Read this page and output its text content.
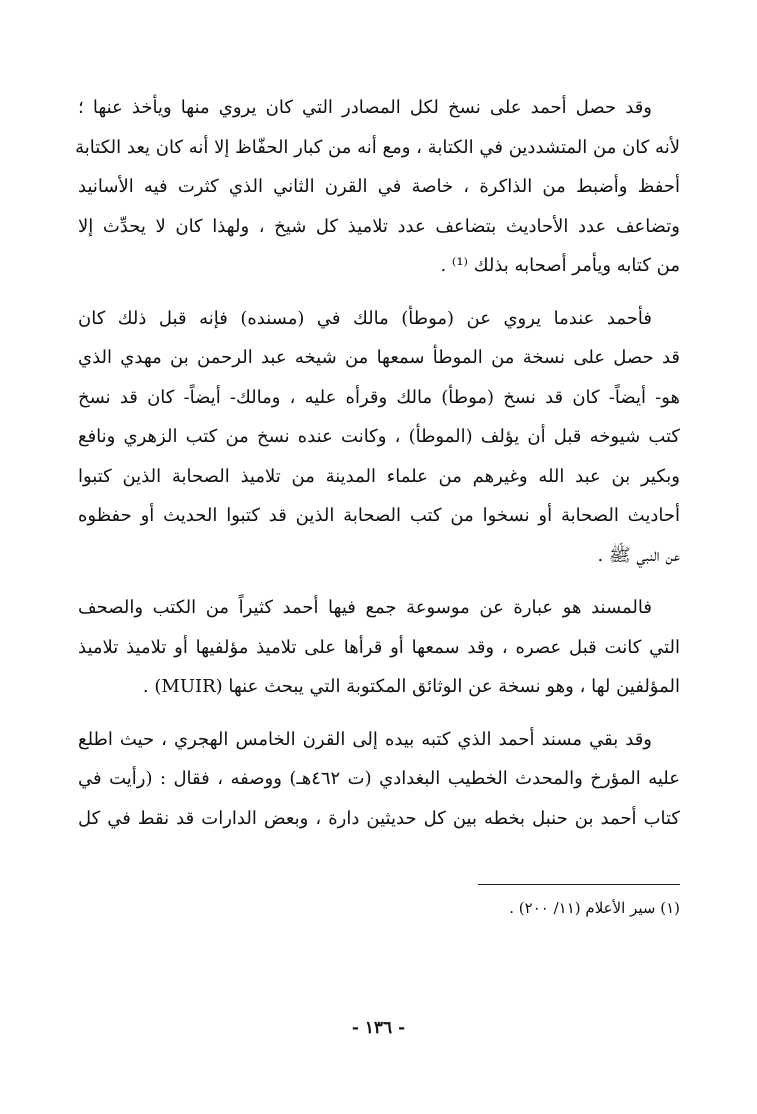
وقد حصل أحمد على نسخ لكل المصادر التي كان يروي منها ويأخذ عنها ؛
لأنه كان من المتشددين في الكتابة ، ومع أنه من كبار الحفّاظ إلا أنه كان يعد الكتابة
أحفظ وأضبط من الذاكرة ، خاصة في القرن الثاني الذي كثرت فيه الأسانيد
وتضاعف عدد الأحاديث بتضاعف عدد تلاميذ كل شيخ ، ولهذا كان لا يحدِّث إلا
من كتابه ويأمر أصحابه بذلك ⁽¹⁾ .

فأحمد عندما يروي عن (موطأ) مالك في (مسنده) فإنه قبل ذلك كان
قد حصل على نسخة من الموطأ سمعها من شيخه عبد الرحمن بن مهدي الذي
هو- أيضاً- كان قد نسخ (موطأ) مالك وقرأه عليه ، ومالك- أيضاً- كان قد نسخ
كتب شيوخه قبل أن يؤلف (الموطأ) ، وكانت عنده نسخ من كتب الزهري ونافع
وبكير بن عبد الله وغيرهم من علماء المدينة من تلاميذ الصحابة الذين كتبوا
أحاديث الصحابة أو نسخوا من كتب الصحابة الذين قد كتبوا الحديث أو حفظوه
عن النبي ﷺ .

فالمسند هو عبارة عن موسوعة جمع فيها أحمد كثيراً من الكتب والصحف
التي كانت قبل عصره ، وقد سمعها أو قرأها على تلاميذ مؤلفيها أو تلاميذ تلاميذ
المؤلفين لها ، وهو نسخة عن الوثائق المكتوبة التي يبحث عنها (MUIR) .

وقد بقي مسند أحمد الذي كتبه بيده إلى القرن الخامس الهجري ، حيث اطلع
عليه المؤرخ والمحدث الخطيب البغدادي (ت ٤٦٢هـ) ووصفه ، فقال : (رأيت في
كتاب أحمد بن حنبل بخطه بين كل حديثين دارة ، وبعض الدارات قد نقط في كل

(١) سير الأعلام (١١/ ٢٠٠) .
- ١٣٦ -
